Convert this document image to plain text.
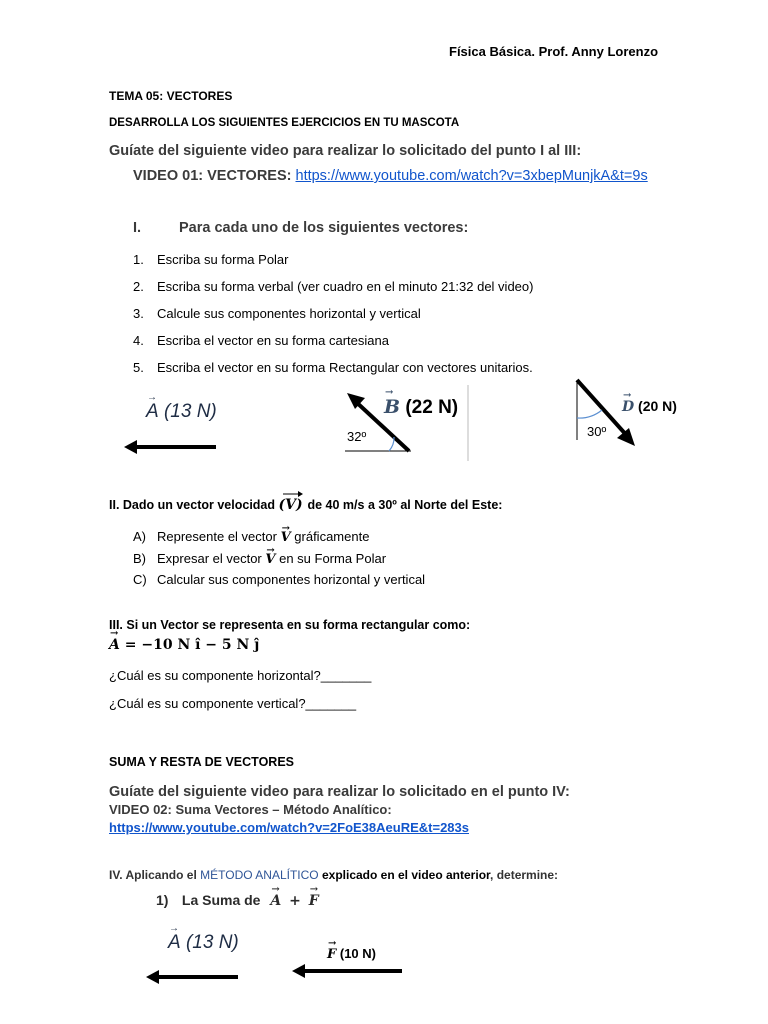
Física Básica. Prof. Anny Lorenzo
TEMA 05: VECTORES
DESARROLLA LOS SIGUIENTES EJERCICIOS EN TU MASCOTA
Guíate del siguiente video para realizar lo solicitado del punto I al III:
VIDEO 01: VECTORES: https://www.youtube.com/watch?v=3xbepMunjkA&t=9s
I.	Para cada uno de los siguientes vectores:
1. Escriba su forma Polar
2. Escriba su forma verbal (ver cuadro en el minuto 21:32 del video)
3. Calcule sus componentes horizontal y vertical
4. Escriba el vector en su forma cartesiana
5. Escriba el vector en su forma Rectangular con vectores unitarios.
→ A (13 N)	→ B (22 N)
32º
→ D (20 N)
30º
II. Dado un vector velocidad (V) de 40 m/s a 30º al Norte del Este:
A) Represente el vector → V gráficamente
B) Expresar el vector → V en su Forma Polar
C) Calcular sus componentes horizontal y vertical
III. Si un Vector se representa en su forma rectangular como:
→ A = −10 N î − 5 N ĵ
¿Cuál es su componente horizontal?_______
¿Cuál es su componente vertical?_______
SUMA Y RESTA DE VECTORES
Guíate del siguiente video para realizar lo solicitado en el punto IV:
VIDEO 02: Suma Vectores – Método Analítico:
https://www.youtube.com/watch?v=2FoE38AeuRE&t=283s
IV. Aplicando el MÉTODO ANALÍTICO explicado en el video anterior, determine:
1) La Suma de → A + → F
→ A (13 N)
→ F (10 N)
